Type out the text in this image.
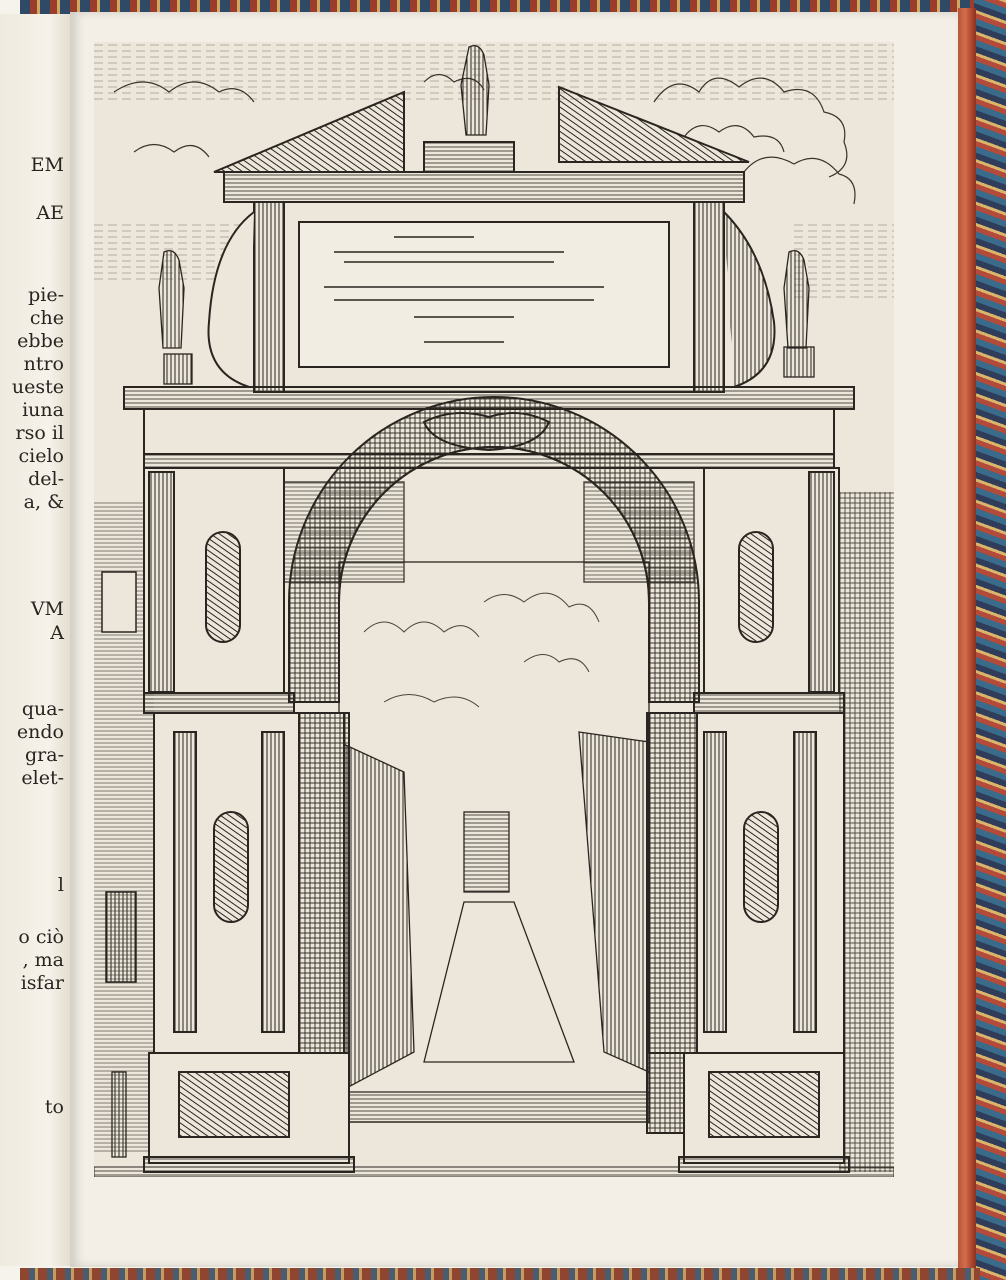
EM
AE
pie-
che
ebbe
ntro
ueste
iuna
rso il
cielo
del-
a, &
VM
A
qua-
endo
gra-
elet-
l
o ciò
, ma
isfar
to
